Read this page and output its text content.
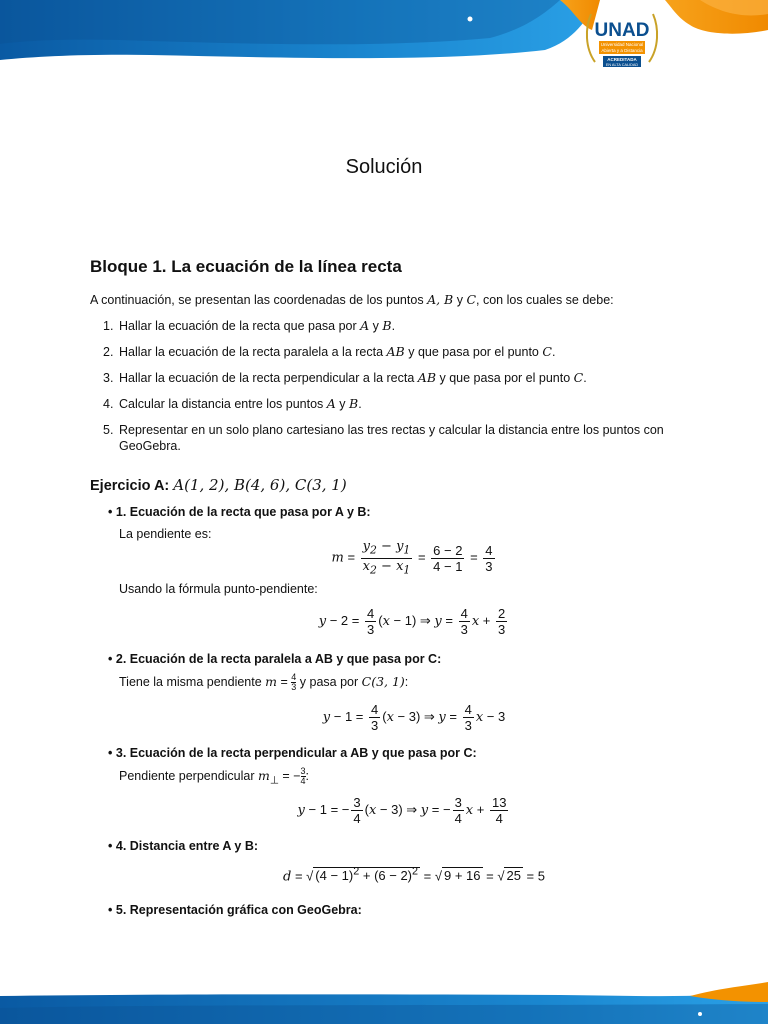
UNAD
Universidad Nacional
Abierta y a Distancia
ACREDITADA
EN ALTA CALIDAD
Solución
Bloque 1. La ecuación de la línea recta
A continuación, se presentan las coordenadas de los puntos A, B y C, con los cuales se debe:
1. Hallar la ecuación de la recta que pasa por A y B.
2. Hallar la ecuación de la recta paralela a la recta AB y que pasa por el punto C.
3. Hallar la ecuación de la recta perpendicular a la recta AB y que pasa por el punto C.
4. Calcular la distancia entre los puntos A y B.
5. Representar en un solo plano cartesiano las tres rectas y calcular la distancia entre los puntos con GeoGebra.
Ejercicio A: A(1, 2), B(4, 6), C(3, 1)
• 1. Ecuación de la recta que pasa por A y B:
La pendiente es:
$m = \frac{y_2 - y_1}{x_2 - x_1} = \frac{6 - 2}{4 - 1} = \frac{4}{3}$
Usando la fórmula punto-pendiente:
$y - 2 = \frac{4}{3} (x - 1)$ ⇒ $y = \frac{4}{3}$ $x + \frac{2}{3}$
• 2. Ecuación de la recta paralela a AB y que pasa por C:
Tiene la misma pendiente $m = \frac{4}{3}$ y pasa por C(3, 1):
$y - 1 = \frac{4}{3} (x - 3)$ ⇒ $y = \frac{4}{3}$ x − 3
• 3. Ecuación de la recta perpendicular a AB y que pasa por C:
Pendiente perpendicular $m_\perp$ = − $\frac{3}{4}$ :
y − 1 = − $\frac{3}{4} (x - 3)$ ⇒ y = − $\frac{3}{4}$ $x + \frac{13}{4}$
• 4. Distancia entre A y B:
d = √ $(4 - 1)^2 + (6 - 2)^2$ = √ 9 + 16 = √ 25 = 5
• 5. Representación gráfica con GeoGebra:
